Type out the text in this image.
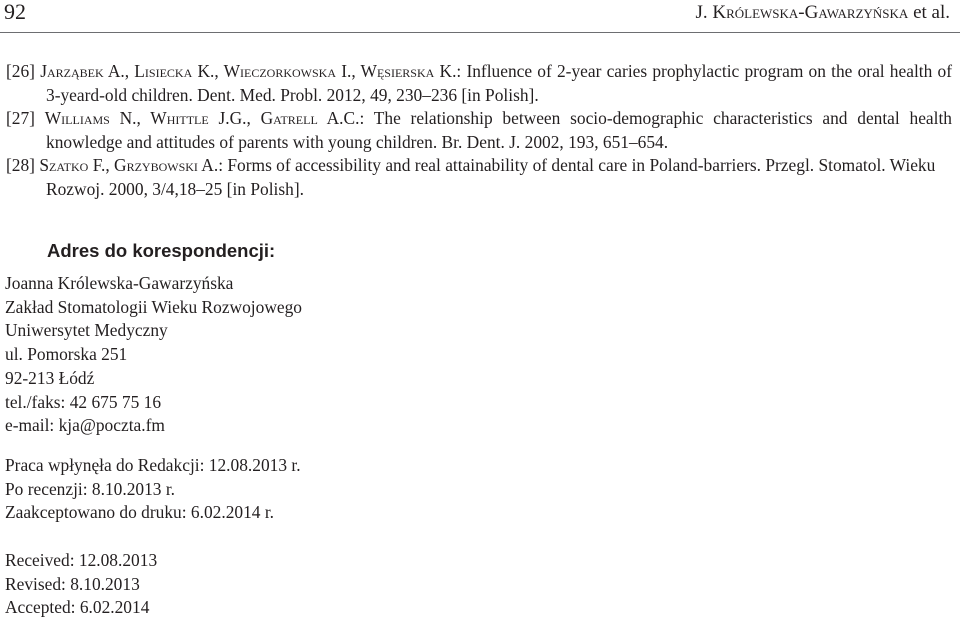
92	J. Królewska-Gawarzyńska et al.

[26] Jarząbek A., Lisiecka K., Wieczorkowska I., Węsierska K.: Influence of 2-year caries prophylactic program on the oral health of 3-yeard-old children. Dent. Med. Probl. 2012, 49, 230–236 [in Polish].

[27] Williams N., Whittle J.G., Gatrell A.C.: The relationship between socio-demographic characteristics and dental health knowledge and attitudes of parents with young children. Br. Dent. J. 2002, 193, 651–654.

[28] Szatko F., Grzybowski A.: Forms of accessibility and real attainability of dental care in Poland-barriers. Przegl. Stomatol. Wieku Rozwoj. 2000, 3/4,18–25 [in Polish].

Adres do korespondencji:
Joanna Królewska-Gawarzyńska
Zakład Stomatologii Wieku Rozwojowego
Uniwersytet Medyczny
ul. Pomorska 251
92-213 Łódź
tel./faks: 42 675 75 16
e-mail: kja@poczta.fm
Praca wpłynęła do Redakcji: 12.08.2013 r.
Po recenzji: 8.10.2013 r.
Zaakceptowano do druku: 6.02.2014 r.
Received: 12.08.2013
Revised: 8.10.2013
Accepted: 6.02.2014
